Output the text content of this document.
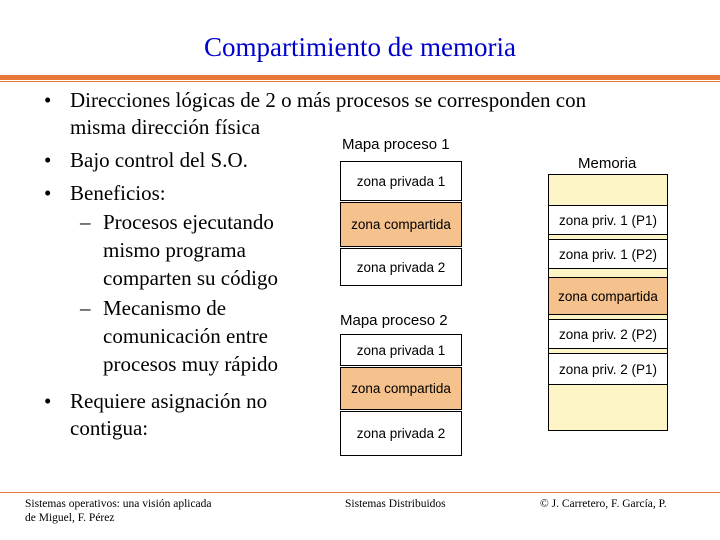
Compartimiento de memoria
• Direcciones lógicas de 2 o más procesos se corresponden con
misma dirección física
• Bajo control del S.O.
• Beneficios:
– Procesos ejecutando
mismo programa
comparten su código
– Mecanismo de
comunicación entre
procesos muy rápido
• Requiere asignación no
contigua:
Mapa proceso 1
zona privada 1
zona compartida
zona privada 2
Mapa proceso 2
zona privada 1
zona compartida
zona privada 2
Memoria
zona priv. 1 (P1)
zona priv. 1 (P2)
zona compartida
zona priv. 2 (P2)
zona priv. 2 (P1)
Sistemas operativos: una visión aplicada
de Miguel, F. Pérez
Sistemas Distribuidos	© J. Carretero, F. García, P.
